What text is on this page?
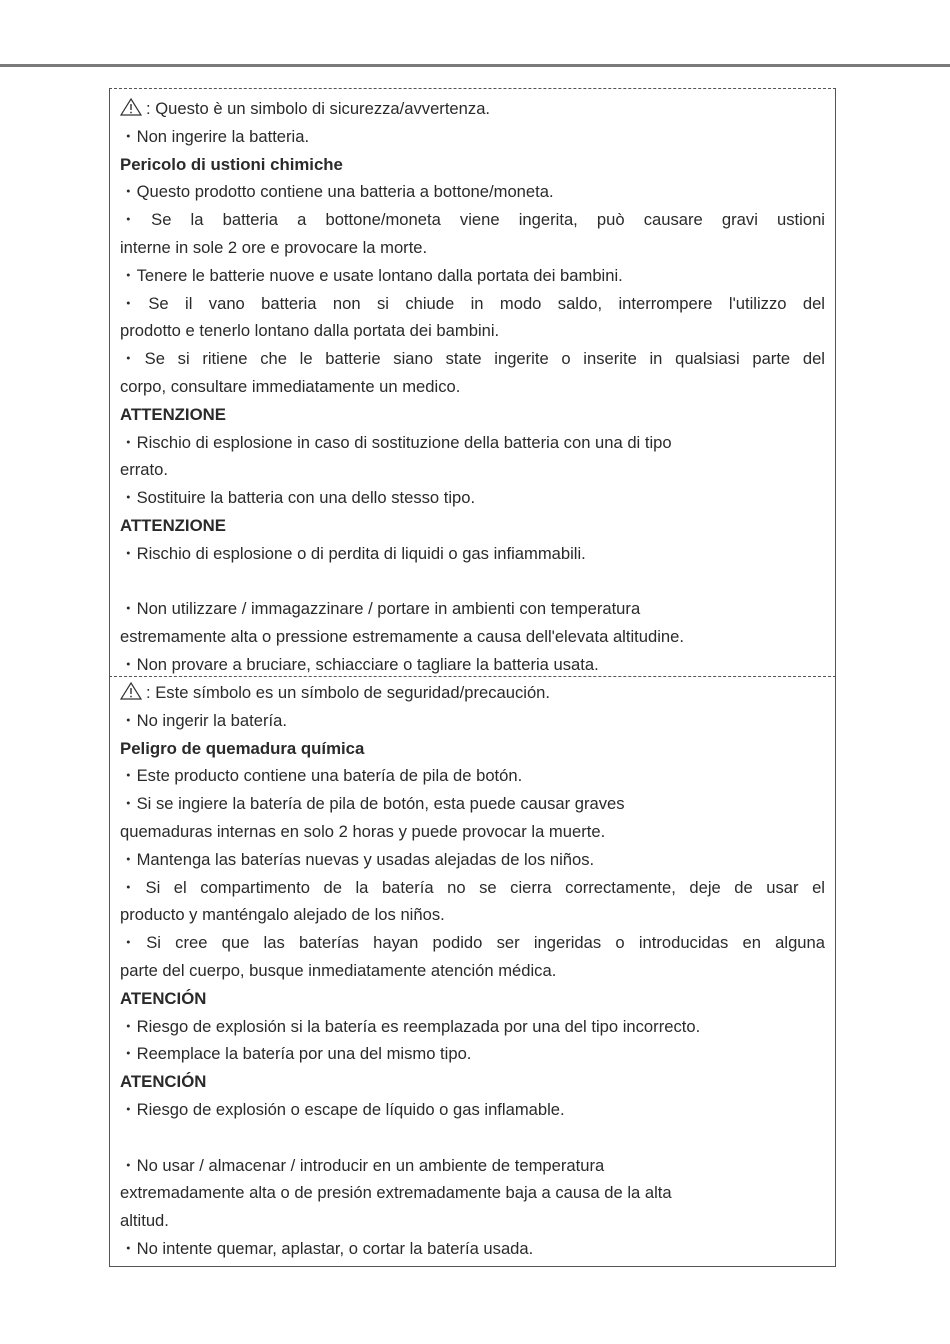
: Questo è un simbolo di sicurezza/avvertenza.
・Non ingerire la batteria.
Pericolo di ustioni chimiche
・Questo prodotto contiene una batteria a bottone/moneta.
・Se la batteria a bottone/moneta viene ingerita, può causare gravi ustioni
interne in sole 2 ore e provocare la morte.
・Tenere le batterie nuove e usate lontano dalla portata dei bambini.
・Se il vano batteria non si chiude in modo saldo, interrompere l'utilizzo del
prodotto e tenerlo lontano dalla portata dei bambini.
・Se si ritiene che le batterie siano state ingerite o inserite in qualsiasi parte del
corpo, consultare immediatamente un medico.
ATTENZIONE
・Rischio di esplosione in caso di sostituzione della batteria con una di tipo
errato.
・Sostituire la batteria con una dello stesso tipo.
ATTENZIONE
・Rischio di esplosione o di perdita di liquidi o gas infiammabili.
・Non utilizzare / immagazzinare / portare in ambienti con temperatura
estremamente alta o pressione estremamente a causa dell'elevata altitudine.
・Non provare a bruciare, schiacciare o tagliare la batteria usata.
: Este símbolo es un símbolo de seguridad/precaución.
・No ingerir la batería.
Peligro de quemadura química
・Este producto contiene una batería de pila de botón.
・Si se ingiere la batería de pila de botón, esta puede causar graves
quemaduras internas en solo 2 horas y puede provocar la muerte.
・Mantenga las baterías nuevas y usadas alejadas de los niños.
・Si el compartimento de la batería no se cierra correctamente, deje de usar el
producto y manténgalo alejado de los niños.
・Si cree que las baterías hayan podido ser ingeridas o introducidas en alguna
parte del cuerpo, busque inmediatamente atención médica.
ATENCIÓN
・Riesgo de explosión si la batería es reemplazada por una del tipo incorrecto.
・Reemplace la batería por una del mismo tipo.
ATENCIÓN
・Riesgo de explosión o escape de líquido o gas inflamable.
・No usar / almacenar / introducir en un ambiente de temperatura
extremadamente alta o de presión extremadamente baja a causa de la alta
altitud.
・No intente quemar, aplastar, o cortar la batería usada.
